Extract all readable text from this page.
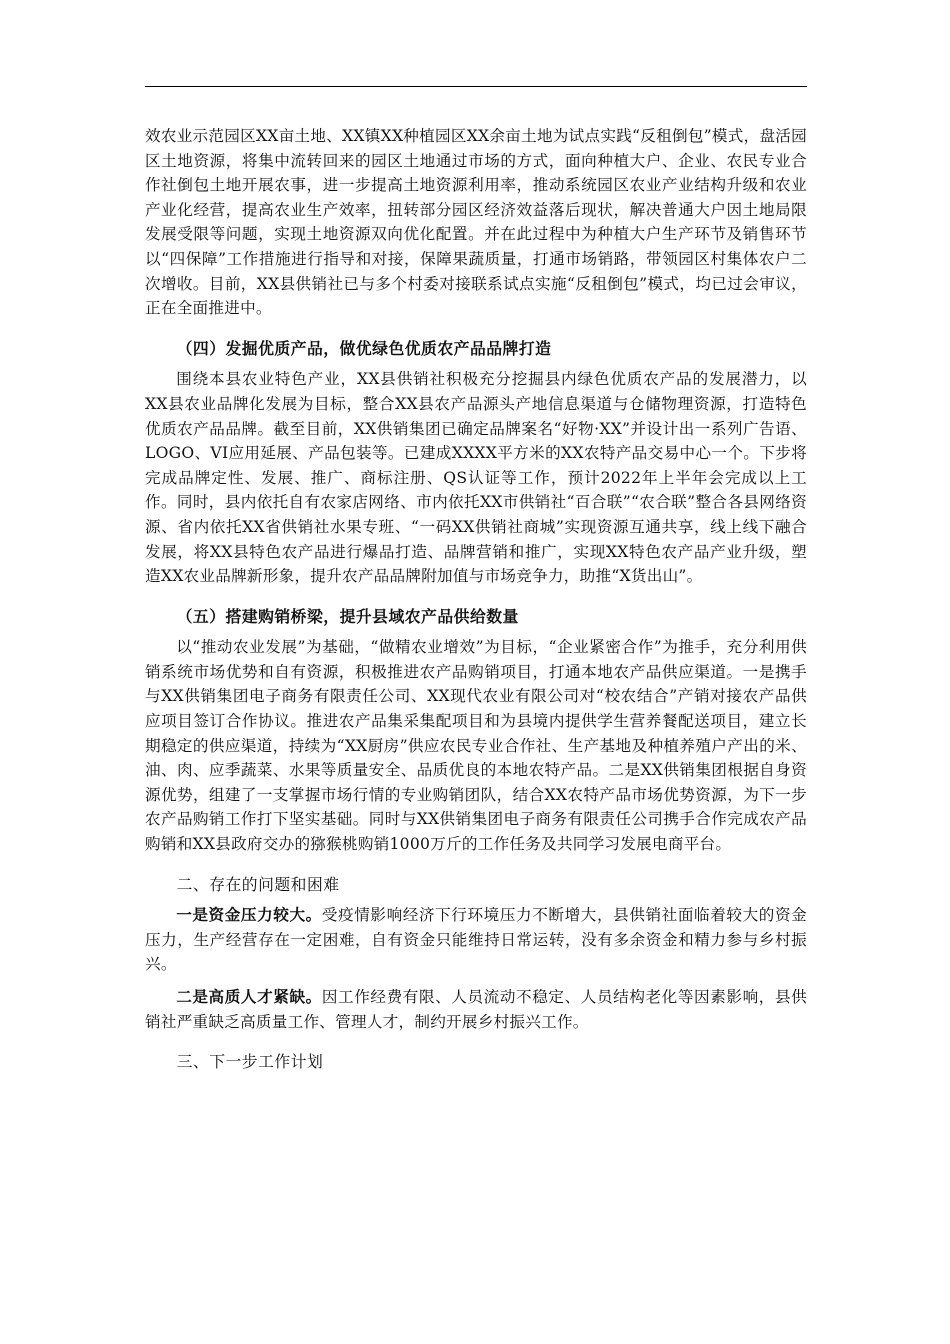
效农业示范园区XX亩土地、XX镇XX种植园区XX余亩土地为试点实践“反租倒包”模式，盘活园区土地资源，将集中流转回来的园区土地通过市场的方式，面向种植大户、企业、农民专业合作社倒包土地开展农事，进一步提高土地资源利用率，推动系统园区农业产业结构升级和农业产业化经营，提高农业生产效率，扭转部分园区经济效益落后现状，解决普通大户因土地局限发展受限等问题，实现土地资源双向优化配置。并在此过程中为种植大户生产环节及销售环节以“四保障”工作措施进行指导和对接，保障果蔬质量，打通市场销路，带领园区村集体农户二次增收。目前，XX县供销社已与多个村委对接联系试点实施“反租倒包”模式，均已过会审议，正在全面推进中。

（四）发掘优质产品，做优绿色优质农产品品牌打造

围绕本县农业特色产业，XX县供销社积极充分挖掘县内绿色优质农产品的发展潜力，以XX县农业品牌化发展为目标，整合XX县农产品源头产地信息渠道与仓储物理资源，打造特色优质农产品品牌。截至目前，XX供销集团已确定品牌案名“好物·XX”并设计出一系列广告语、LOGO、VI应用延展、产品包装等。已建成XXXX平方米的XX农特产品交易中心一个。下步将完成品牌定性、发展、推广、商标注册、QS认证等工作，预计2022年上半年会完成以上工作。同时，县内依托自有农家店网络、市内依托XX市供销社“百合联”“农合联”整合各县网络资源、省内依托XX省供销社水果专班、“一码XX供销社商城”实现资源互通共享，线上线下融合发展，将XX县特色农产品进行爆品打造、品牌营销和推广，实现XX特色农产品产业升级，塑造XX农业品牌新形象，提升农产品品牌附加值与市场竞争力，助推“X货出山”。

（五）搭建购销桥梁，提升县域农产品供给数量

以“推动农业发展”为基础，“做精农业增效”为目标，“企业紧密合作”为推手，充分利用供销系统市场优势和自有资源，积极推进农产品购销项目，打通本地农产品供应渠道。一是携手与XX供销集团电子商务有限责任公司、XX现代农业有限公司对“校农结合”产销对接农产品供应项目签订合作协议。推进农产品集采集配项目和为县境内提供学生营养餐配送项目，建立长期稳定的供应渠道，持续为“XX厨房”供应农民专业合作社、生产基地及种植养殖户产出的米、油、肉、应季蔬菜、水果等质量安全、品质优良的本地农特产品。二是XX供销集团根据自身资源优势，组建了一支掌握市场行情的专业购销团队，结合XX农特产品市场优势资源，为下一步农产品购销工作打下坚实基础。同时与XX供销集团电子商务有限责任公司携手合作完成农产品购销和XX县政府交办的猕猴桃购销1000万斤的工作任务及共同学习发展电商平台。

二、存在的问题和困难

一是资金压力较大。受疫情影响经济下行环境压力不断增大，县供销社面临着较大的资金压力，生产经营存在一定困难，自有资金只能维持日常运转，没有多余资金和精力参与乡村振兴。

二是高质人才紧缺。因工作经费有限、人员流动不稳定、人员结构老化等因素影响，县供销社严重缺乏高质量工作、管理人才，制约开展乡村振兴工作。

三、下一步工作计划
